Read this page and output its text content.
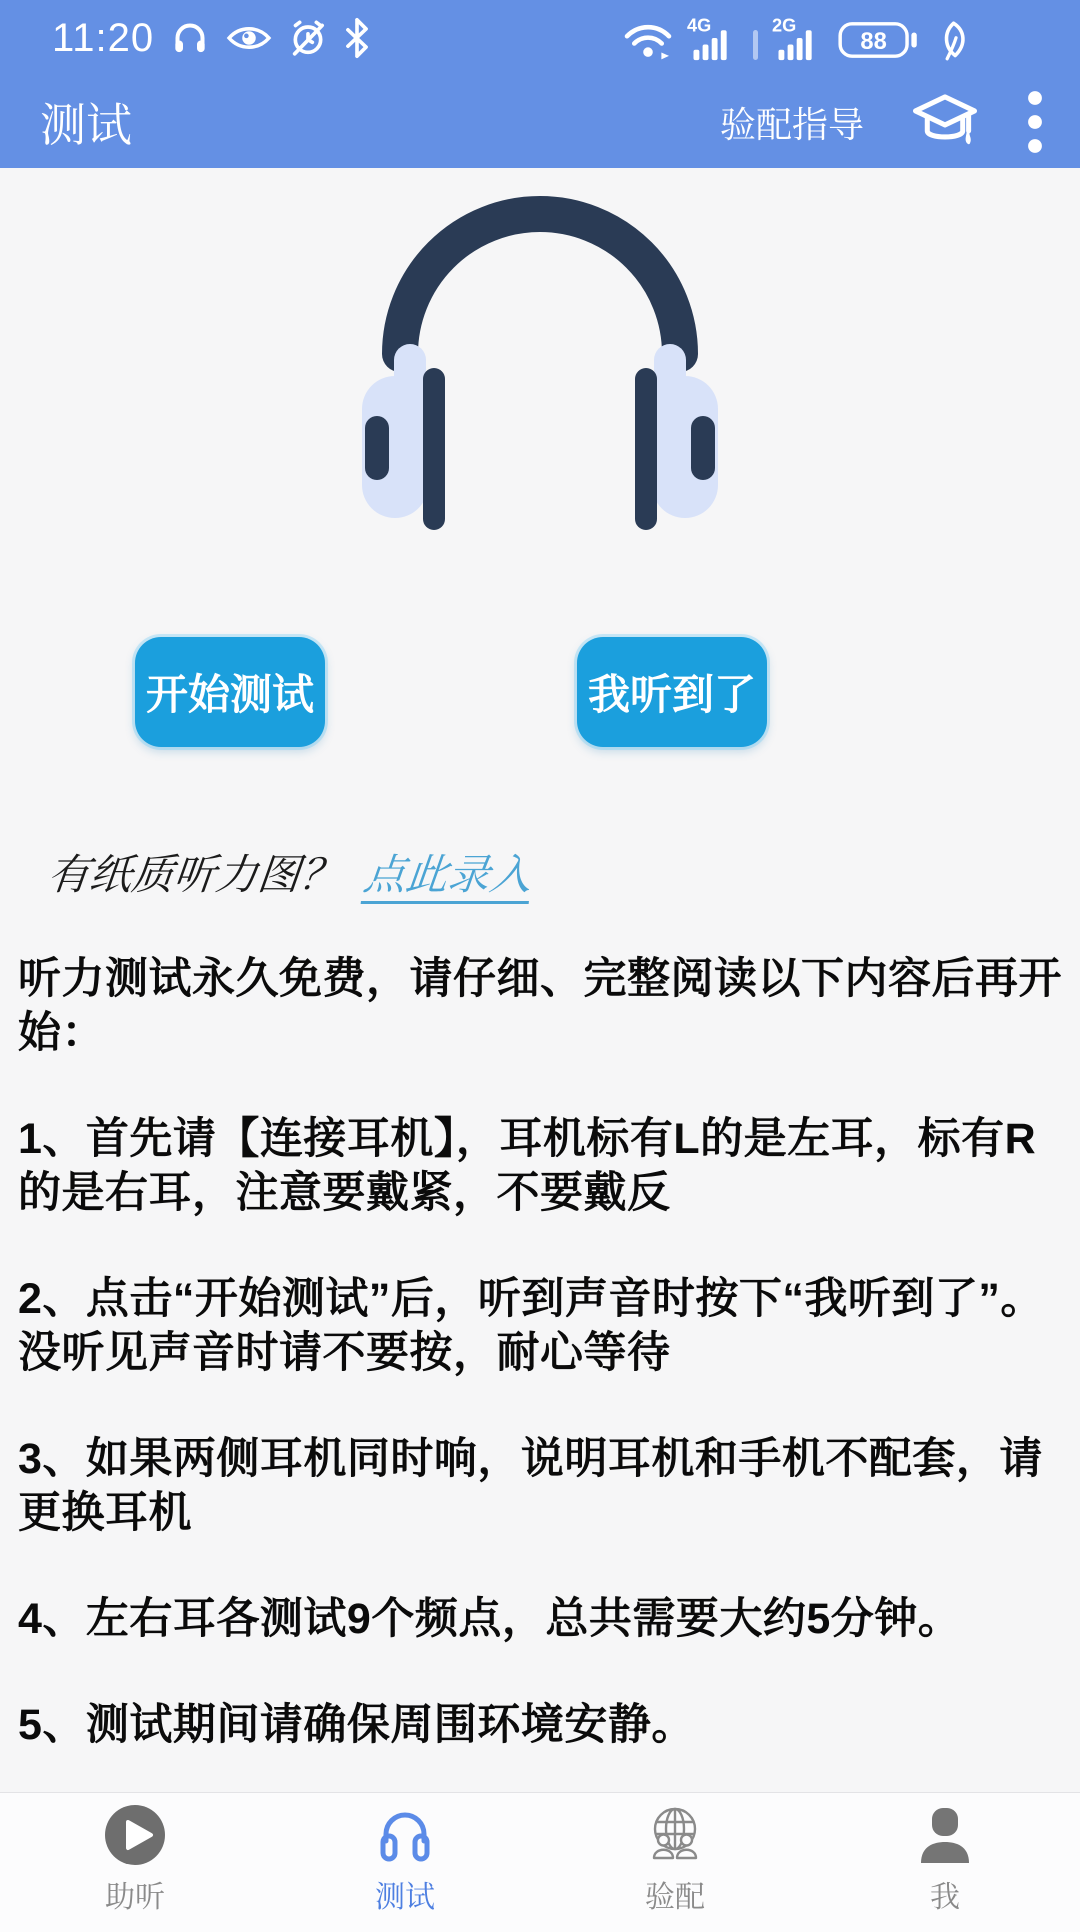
11:20	4G	2G
88
测试	验配指导
开始测试	我听到了
有纸质听力图？ 点此录入

听力测试永久免费，请仔细、完整阅读以下内容后再开始：

1、首先请【连接耳机】，耳机标有L的是左耳，标有R的是右耳，注意要戴紧，不要戴反

2、点击“开始测试”后，听到声音时按下“我听到了”。没听见声音时请不要按，耐心等待

3、如果两侧耳机同时响，说明耳机和手机不配套，请更换耳机

4、左右耳各测试9个频点，总共需要大约5分钟。

5、测试期间请确保周围环境安静。

助听	测试	验配	我
